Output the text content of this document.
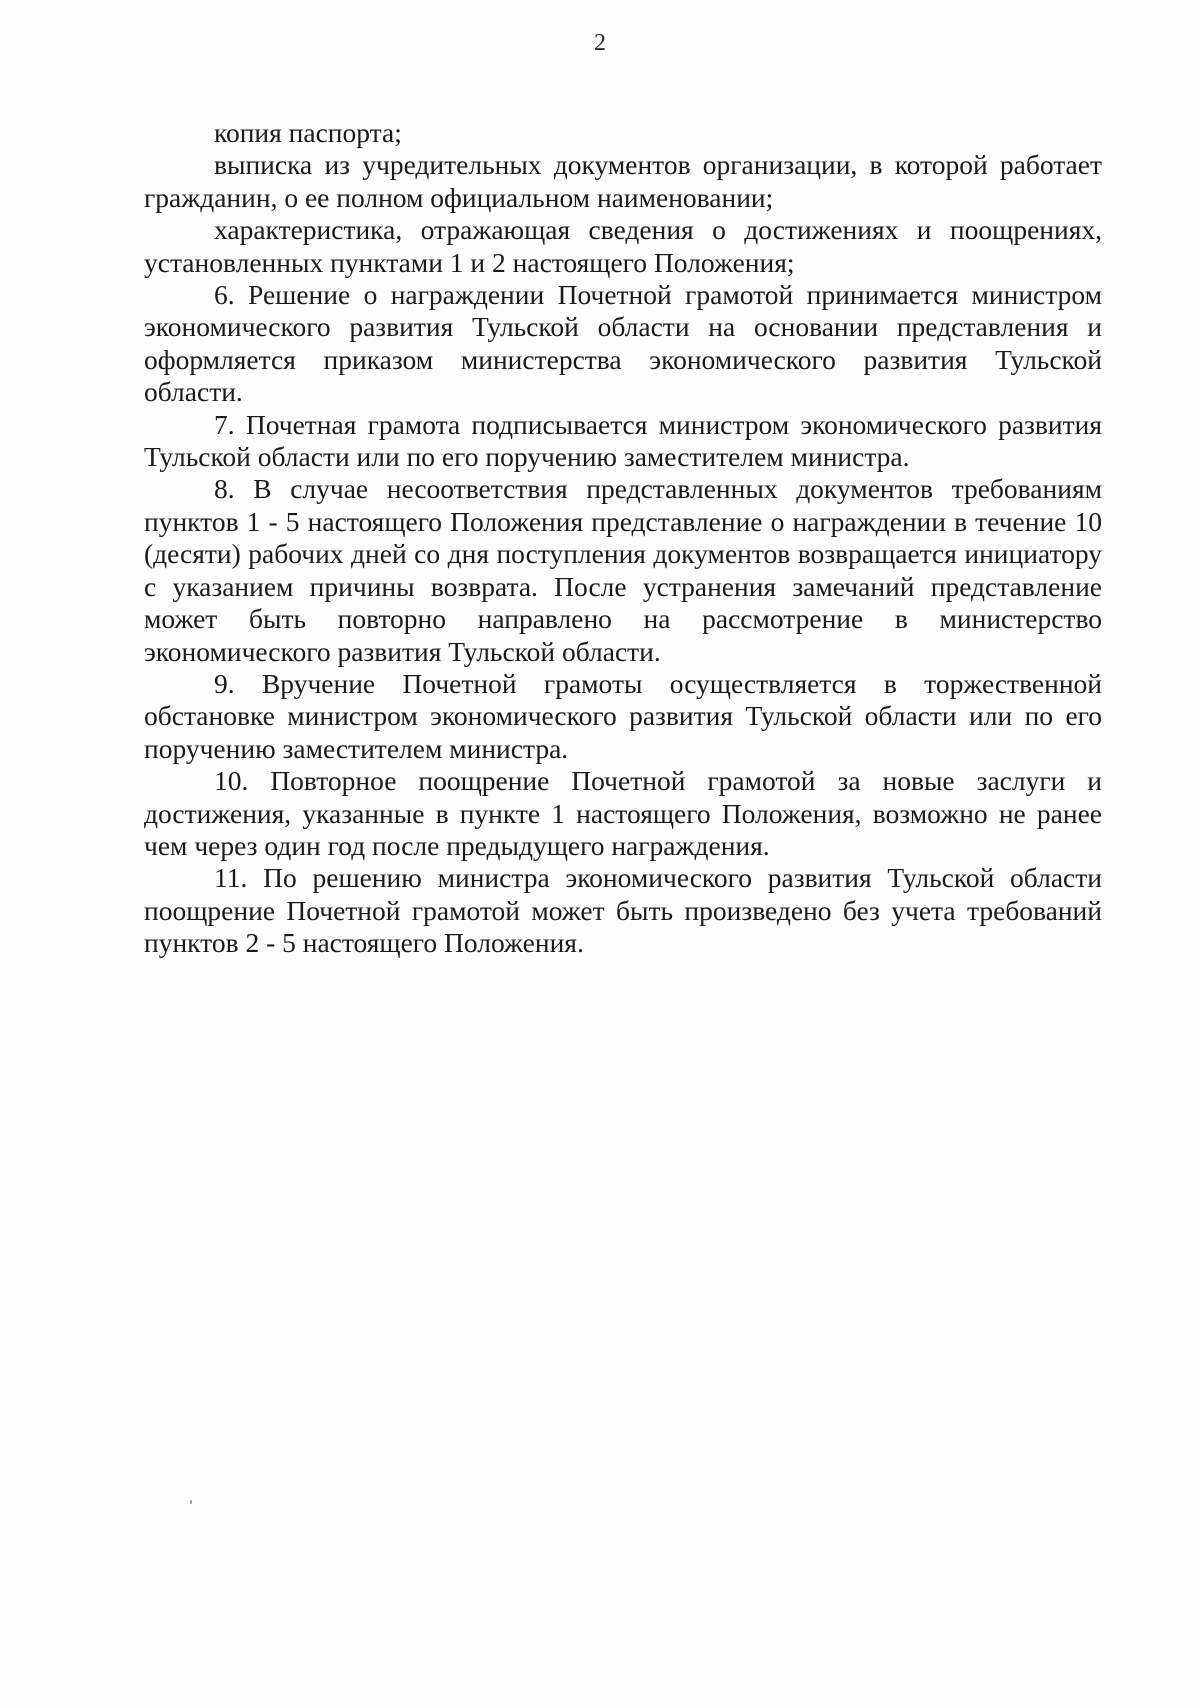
2

копия паспорта;

выписка из учредительных документов организации, в которой работает гражданин, о ее полном официальном наименовании;

характеристика, отражающая сведения о достижениях и поощрениях, установленных пунктами 1 и 2 настоящего Положения;

6. Решение о награждении Почетной грамотой принимается министром экономического развития Тульской области на основании представления и оформляется приказом министерства экономического развития Тульской области.

7. Почетная грамота подписывается министром экономического развития Тульской области или по его поручению заместителем министра.

8. В случае несоответствия представленных документов требованиям пунктов 1 - 5 настоящего Положения представление о награждении в течение 10 (десяти) рабочих дней со дня поступления документов возвращается инициатору с указанием причины возврата. После устранения замечаний представление может быть повторно направлено на рассмотрение в министерство экономического развития Тульской области.

9. Вручение Почетной грамоты осуществляется в торжественной обстановке министром экономического развития Тульской области или по его поручению заместителем министра.

10. Повторное поощрение Почетной грамотой за новые заслуги и достижения, указанные в пункте 1 настоящего Положения, возможно не ранее чем через один год после предыдущего награждения.

11. По решению министра экономического развития Тульской области поощрение Почетной грамотой может быть произведено без учета требований пунктов 2 - 5 настоящего Положения.
